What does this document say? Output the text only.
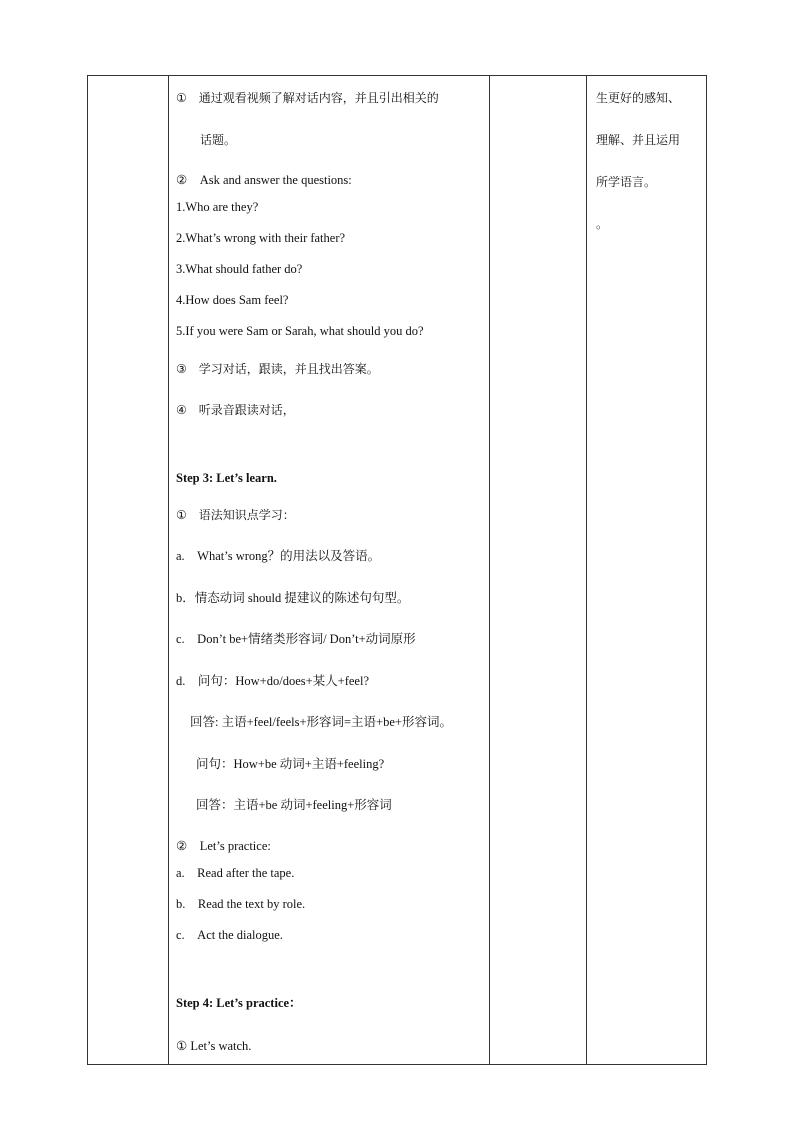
①　通过观看视频了解对话内容，并且引出相关的
话题。
②　Ask and answer the questions:
1.Who are they?
2.What’s wrong with their father?
3.What should father do?
4.How does Sam feel?
5.If you were Sam or Sarah, what should you do?
③　学习对话，跟读，并且找出答案。
④　听录音跟读对话，
Step 3: Let’s learn.
①　语法知识点学习：
a.　What’s wrong？的用法以及答语。
b．情态动词 should 提建议的陈述句句型。
c.　Don’t be+情绪类形容词/ Don’t+动词原形
d.　问句：How+do/does+某人+feel?
回答: 主语+feel/feels+形容词=主语+be+形容词。
问句：How+be 动词+主语+feeling?
回答：主语+be 动词+feeling+形容词
②　Let’s practice:
a.　Read after the tape.
b.　Read the text by role.
c.　Act the dialogue.
Step 4: Let’s practice：
① Let’s watch.
生更好的感知、
理解、并且运用
所学语言。
。
